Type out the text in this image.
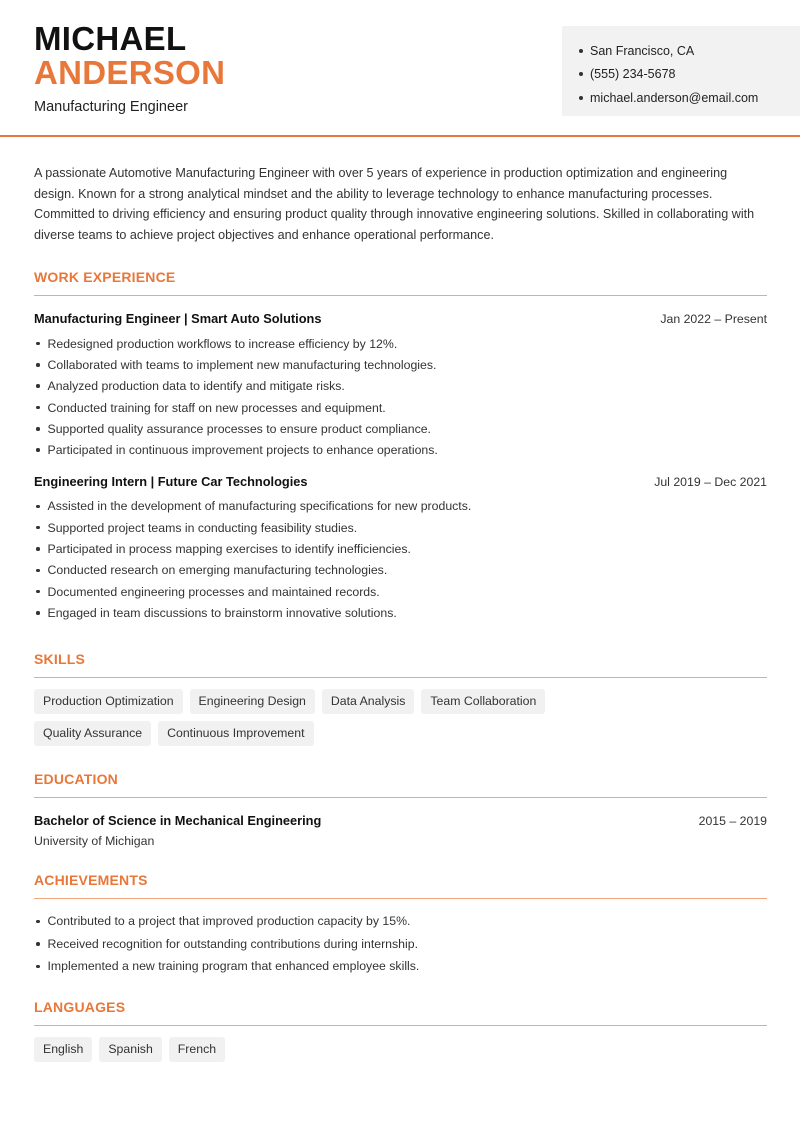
MICHAEL
ANDERSON
Manufacturing Engineer
San Francisco, CA
(555) 234-5678
michael.anderson@email.com

A passionate Automotive Manufacturing Engineer with over 5 years of experience in production optimization and engineering design. Known for a strong analytical mindset and the ability to leverage technology to enhance manufacturing processes. Committed to driving efficiency and ensuring product quality through innovative engineering solutions. Skilled in collaborating with diverse teams to achieve project objectives and enhance operational performance.

WORK EXPERIENCE
Manufacturing Engineer | Smart Auto Solutions	Jan 2022 – Present
Redesigned production workflows to increase efficiency by 12%.
Collaborated with teams to implement new manufacturing technologies.
Analyzed production data to identify and mitigate risks.
Conducted training for staff on new processes and equipment.
Supported quality assurance processes to ensure product compliance.
Participated in continuous improvement projects to enhance operations.
Engineering Intern | Future Car Technologies	Jul 2019 – Dec 2021
Assisted in the development of manufacturing specifications for new products.
Supported project teams in conducting feasibility studies.
Participated in process mapping exercises to identify inefficiencies.
Conducted research on emerging manufacturing technologies.
Documented engineering processes and maintained records.
Engaged in team discussions to brainstorm innovative solutions.
SKILLS
Production Optimization	Engineering Design	Data Analysis	Team Collaboration
Quality Assurance	Continuous Improvement
EDUCATION
Bachelor of Science in Mechanical Engineering	2015 – 2019
University of Michigan
ACHIEVEMENTS
Contributed to a project that improved production capacity by 15%.
Received recognition for outstanding contributions during internship.
Implemented a new training program that enhanced employee skills.
LANGUAGES
English	Spanish	French
